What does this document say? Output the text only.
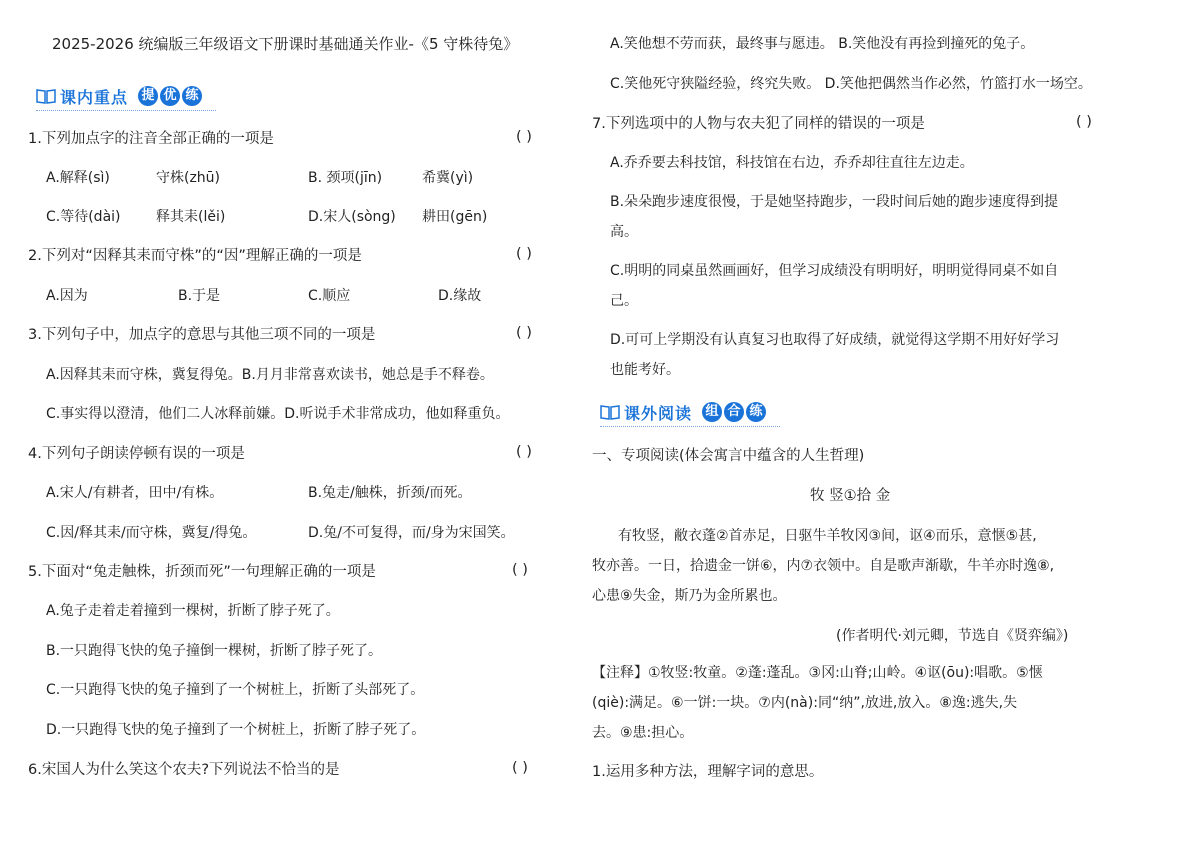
2025-2026 统编版三年级语文下册课时基础通关作业-《5 守株待兔》
课内重点 提 优 练
1.下列加点字的注音全部正确的一项是	( )
A.解释(sì)	守株(zhū)	B. 颈项(jīn)	希冀(yì)
C.等待(dài)	释其耒(lěi)	D.宋人(sòng) 耕田(gēn)
2.下列对“因释其耒而守株”的“因”理解正确的一项是	( )
A.因为	B.于是	C.顺应	D.缘故
3.下列句子中，加点字的意思与其他三项不同的一项是	( )
A.因释其耒而守株，冀复得兔。B.月月非常喜欢读书，她总是手不释卷。
C.事实得以澄清，他们二人冰释前嫌。D.听说手术非常成功，他如释重负。
4.下列句子朗读停顿有误的一项是	( )
A.宋人/有耕者，田中/有株。	B.兔走/触株，折颈/而死。
C.因/释其耒/而守株，冀复/得兔。	D.兔/不可复得，而/身为宋国笑。
5.下面对“兔走触株，折颈而死”一句理解正确的一项是	( )
A.兔子走着走着撞到一棵树，折断了脖子死了。
B.一只跑得飞快的兔子撞倒一棵树，折断了脖子死了。
C.一只跑得飞快的兔子撞到了一个树桩上，折断了头部死了。
D.一只跑得飞快的兔子撞到了一个树桩上，折断了脖子死了。
6.宋国人为什么笑这个农夫?下列说法不恰当的是	( )
A.笑他想不劳而获，最终事与愿违。 B.笑他没有再捡到撞死的兔子。
C.笑他死守狭隘经验，终究失败。 D.笑他把偶然当作必然，竹篮打水一场空。
7.下列选项中的人物与农夫犯了同样的错误的一项是	( )
A.乔乔要去科技馆，科技馆在右边，乔乔却往直往左边走。
B.朵朵跑步速度很慢，于是她坚持跑步，一段时间后她的跑步速度得到提
高。
C.明明的同桌虽然画画好，但学习成绩没有明明好，明明觉得同桌不如自
己。
D.可可上学期没有认真复习也取得了好成绩，就觉得这学期不用好好学习
也能考好。
课外阅读 组 合 练
一、专项阅读(体会寓言中蕴含的人生哲理)
牧 竖①拾 金
有牧竖，敝衣蓬②首赤足，日驱牛羊牧冈③间，讴④而乐，意惬⑤甚,
牧亦善。一日，拾遗金一饼⑥，内⑦衣领中。自是歌声渐歇，牛羊亦时逸⑧,
心患⑨失金，斯乃为金所累也。
(作者明代·刘元卿，节选自《贤弈编》)
【注释】①牧竖:牧童。②蓬:蓬乱。③冈:山脊;山岭。④讴(ōu):唱歌。⑤惬
(qiè):满足。⑥一饼:一块。⑦内(nà):同“纳”,放进,放入。⑧逸:逃失,失
去。⑨患:担心。
1.运用多种方法，理解字词的意思。
